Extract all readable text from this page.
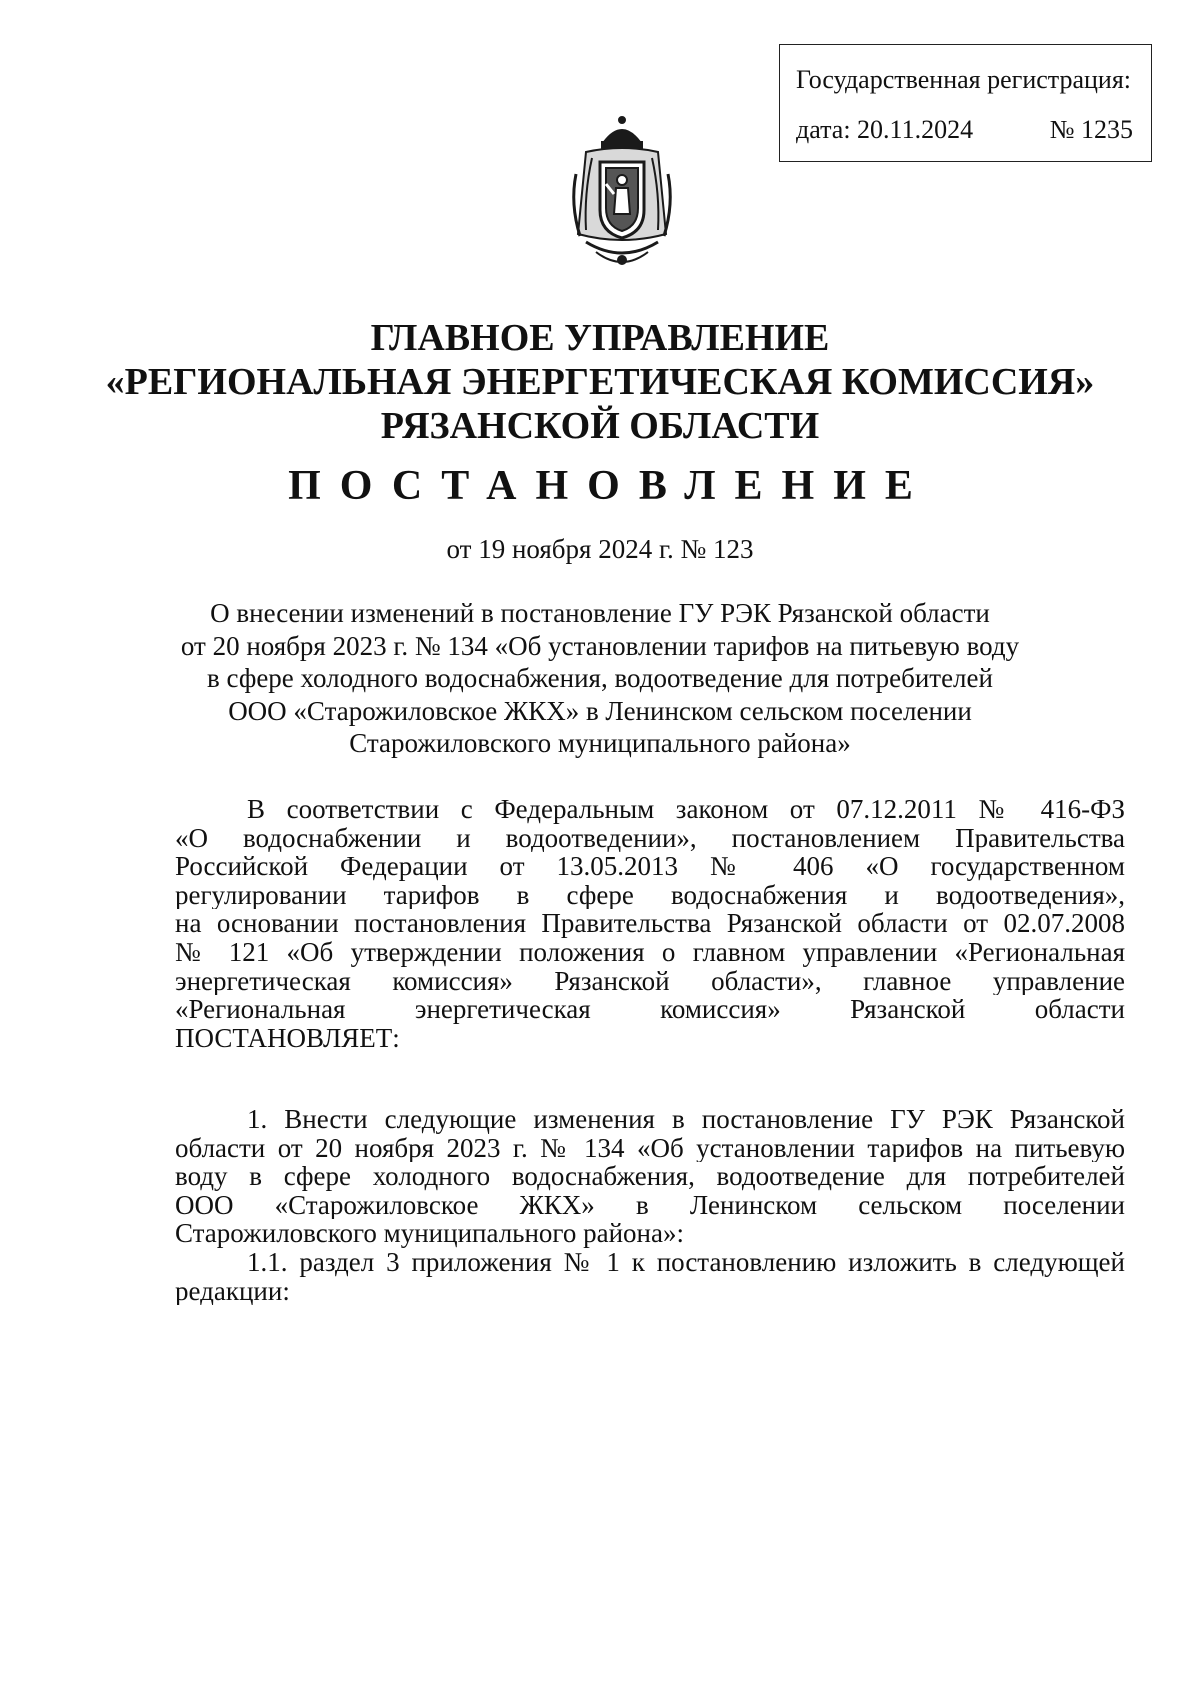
Государственная регистрация:
дата: 20.11.2024	№ 1235
ГЛАВНОЕ УПРАВЛЕНИЕ
«РЕГИОНАЛЬНАЯ ЭНЕРГЕТИЧЕСКАЯ КОМИССИЯ»
РЯЗАНСКОЙ ОБЛАСТИ
ПОСТАНОВЛЕНИЕ
от 19 ноября 2024 г. № 123
О внесении изменений в постановление ГУ РЭК Рязанской области
от 20 ноября 2023 г. № 134 «Об установлении тарифов на питьевую воду
в сфере холодного водоснабжения, водоотведение для потребителей
ООО «Старожиловское ЖКХ» в Ленинском сельском поселении
Старожиловского муниципального района»
В соответствии с Федеральным законом от 07.12.2011 № 416-ФЗ
«О водоснабжении и водоотведении», постановлением Правительства
Российской Федерации от 13.05.2013 № 406 «О государственном
регулировании тарифов в сфере водоснабжения и водоотведения»,
на основании постановления Правительства Рязанской области от 02.07.2008
№ 121 «Об утверждении положения о главном управлении «Региональная
энергетическая комиссия» Рязанской области», главное управление
«Региональная энергетическая комиссия» Рязанской области
ПОСТАНОВЛЯЕТ:
1. Внести следующие изменения в постановление ГУ РЭК Рязанской
области от 20 ноября 2023 г. № 134 «Об установлении тарифов на питьевую
воду в сфере холодного водоснабжения, водоотведение для потребителей
ООО «Старожиловское ЖКХ» в Ленинском сельском поселении
Старожиловского муниципального района»:
1.1. раздел 3 приложения № 1 к постановлению изложить в следующей
редакции:
